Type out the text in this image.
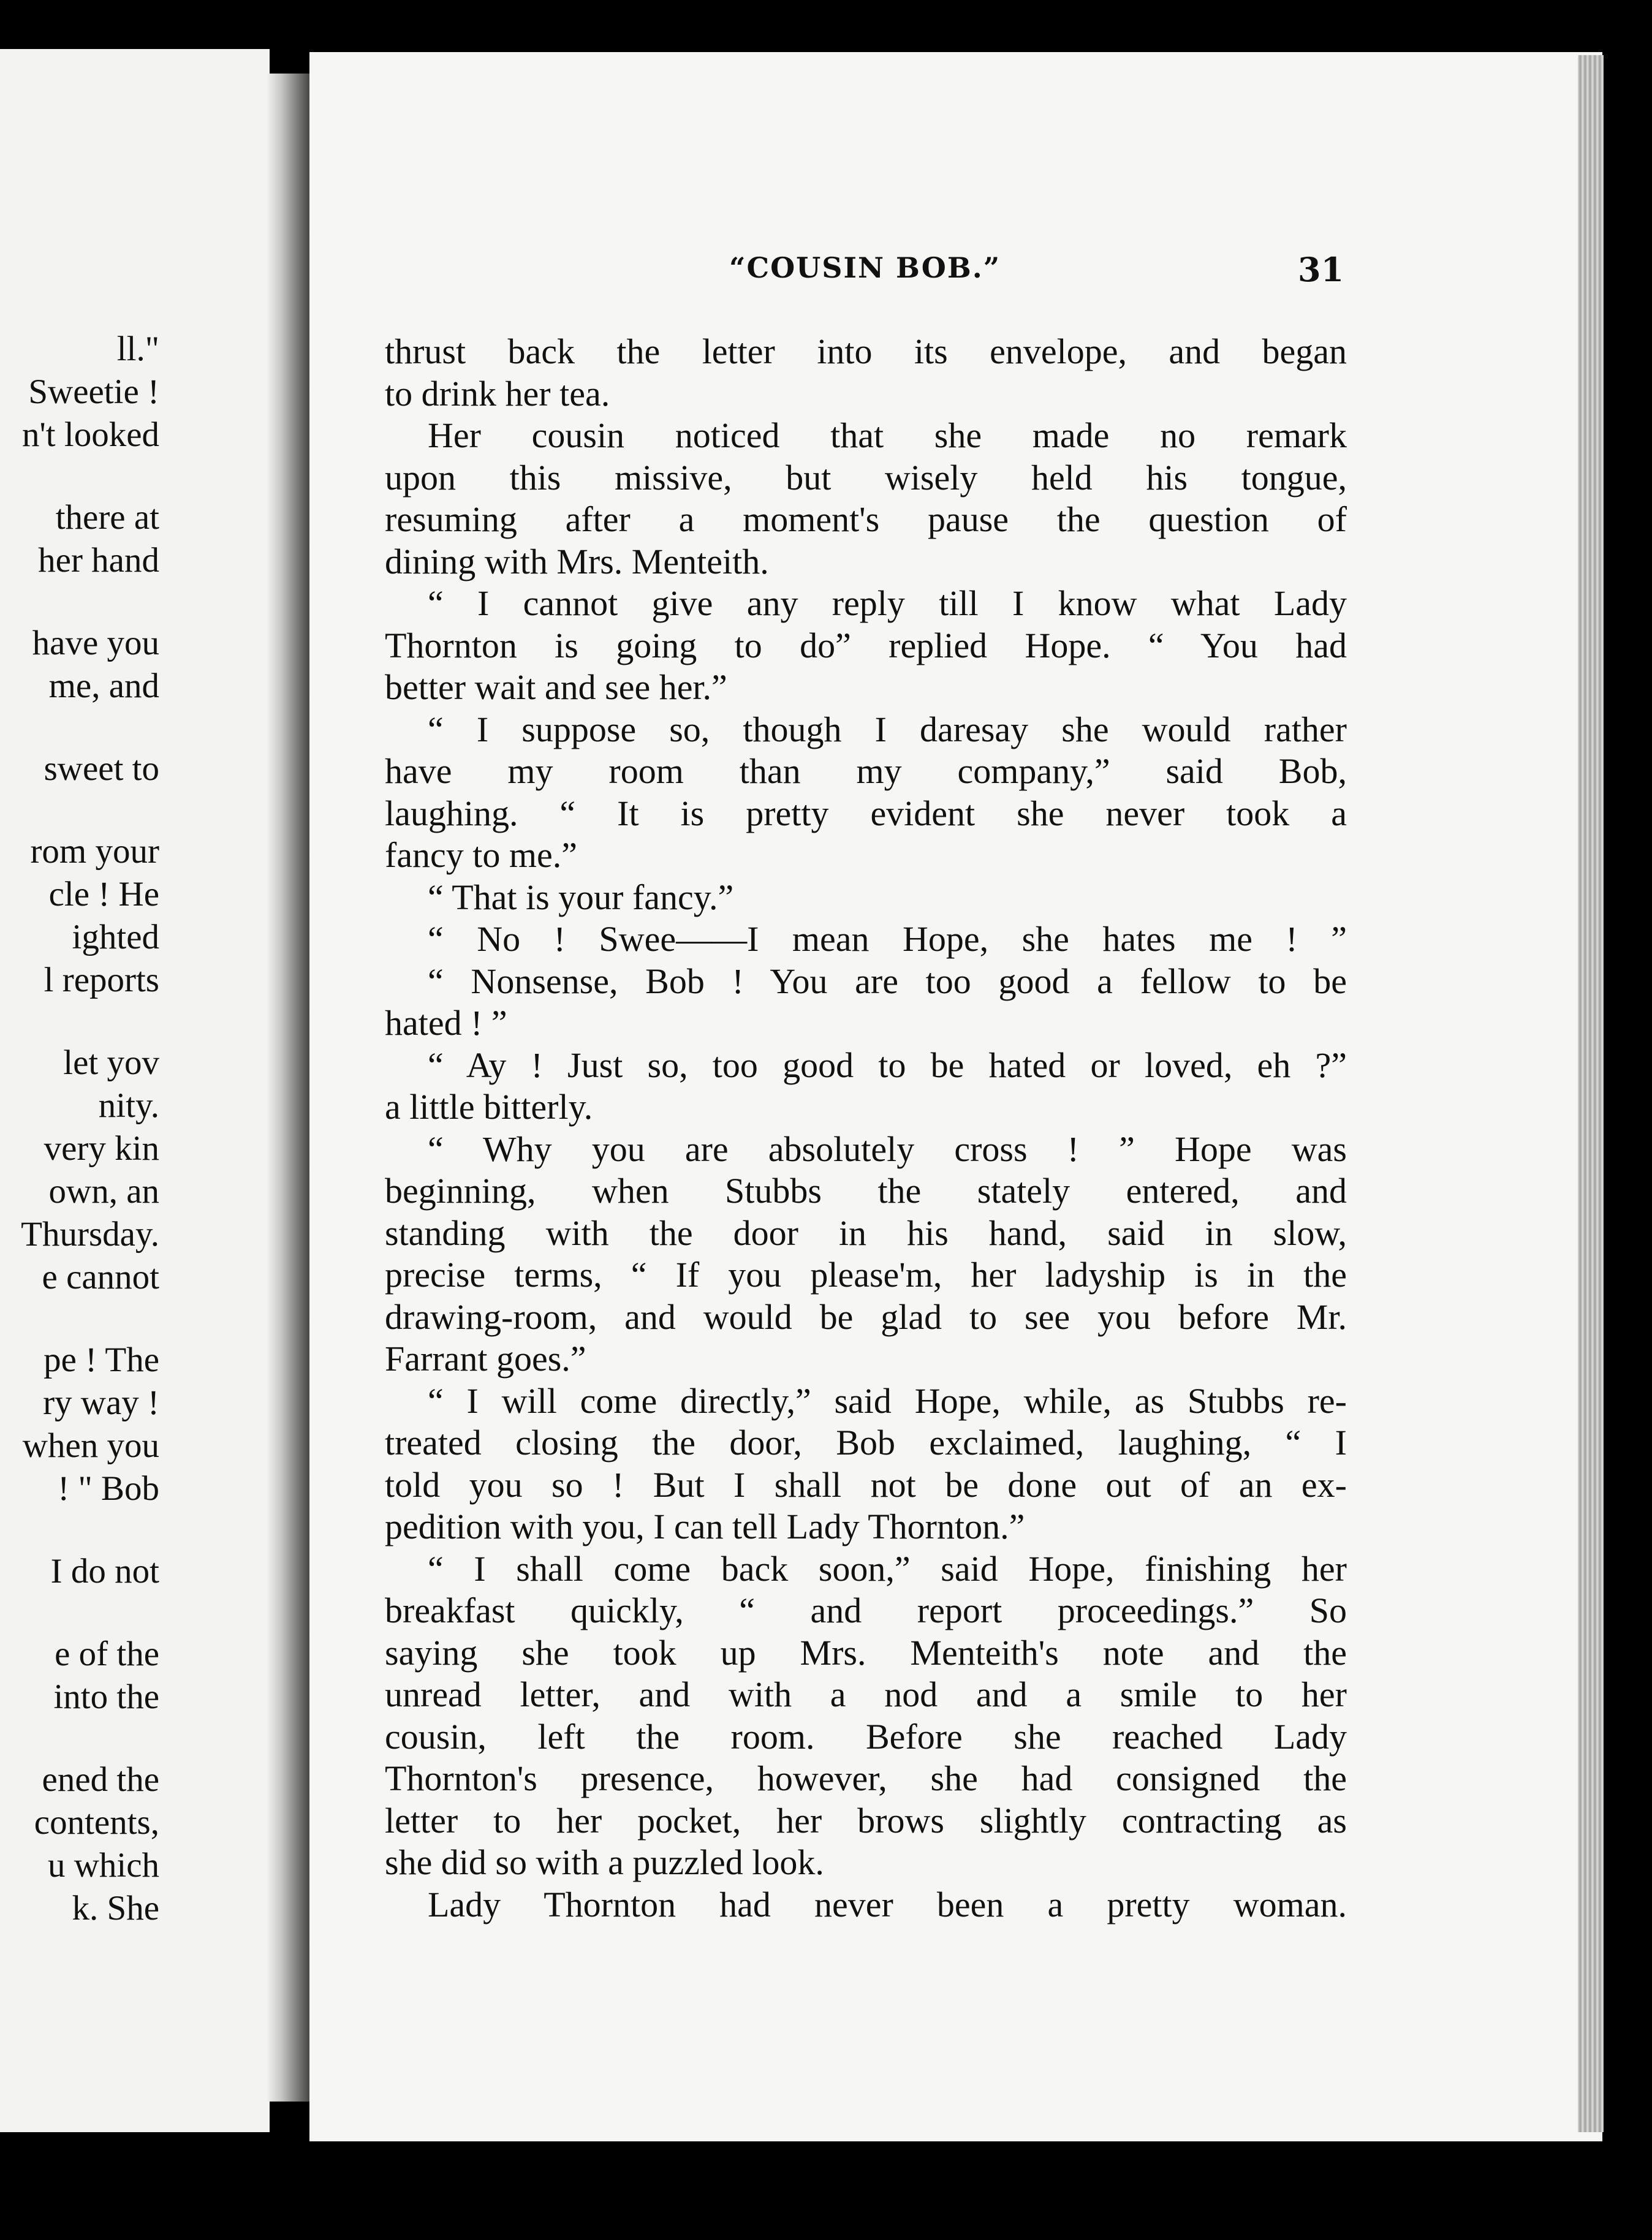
ll."
Sweetie !
n't looked
there at
her hand
have you
me, and
sweet to
rom your
cle ! He
ighted
l reports
let yov
nity.
very kin
own, an
Thursday.
e cannot
pe ! The
ry way !
when you
! " Bob
I do not
e of the
into the
ened the
contents,
u which
k. She
“COUSIN BOB.”	31
thrust back the letter into its envelope, and began
to drink her tea.
Her cousin noticed that she made no remark
upon this missive, but wisely held his tongue,
resuming after a moment's pause the question of
dining with Mrs. Menteith.
“ I cannot give any reply till I know what Lady
Thornton is going to do” replied Hope. “ You had
better wait and see her.”
“ I suppose so, though I daresay she would rather
have my room than my company,” said Bob,
laughing. “ It is pretty evident she never took a
fancy to me.”
“ That is your fancy.”
“ No ! Swee——I mean Hope, she hates me ! ”
“ Nonsense, Bob ! You are too good a fellow to be
hated ! ”
“ Ay ! Just so, too good to be hated or loved, eh ?”
a little bitterly.
“ Why you are absolutely cross ! ” Hope was
beginning, when Stubbs the stately entered, and
standing with the door in his hand, said in slow,
precise terms, “ If you please'm, her ladyship is in the
drawing-room, and would be glad to see you before Mr.
Farrant goes.”
“ I will come directly,” said Hope, while, as Stubbs re-
treated closing the door, Bob exclaimed, laughing, “ I
told you so ! But I shall not be done out of an ex-
pedition with you, I can tell Lady Thornton.”
“ I shall come back soon,” said Hope, finishing her
breakfast quickly, “ and report proceedings.” So
saying she took up Mrs. Menteith's note and the
unread letter, and with a nod and a smile to her
cousin, left the room. Before she reached Lady
Thornton's presence, however, she had consigned the
letter to her pocket, her brows slightly contracting as
she did so with a puzzled look.
Lady Thornton had never been a pretty woman.
